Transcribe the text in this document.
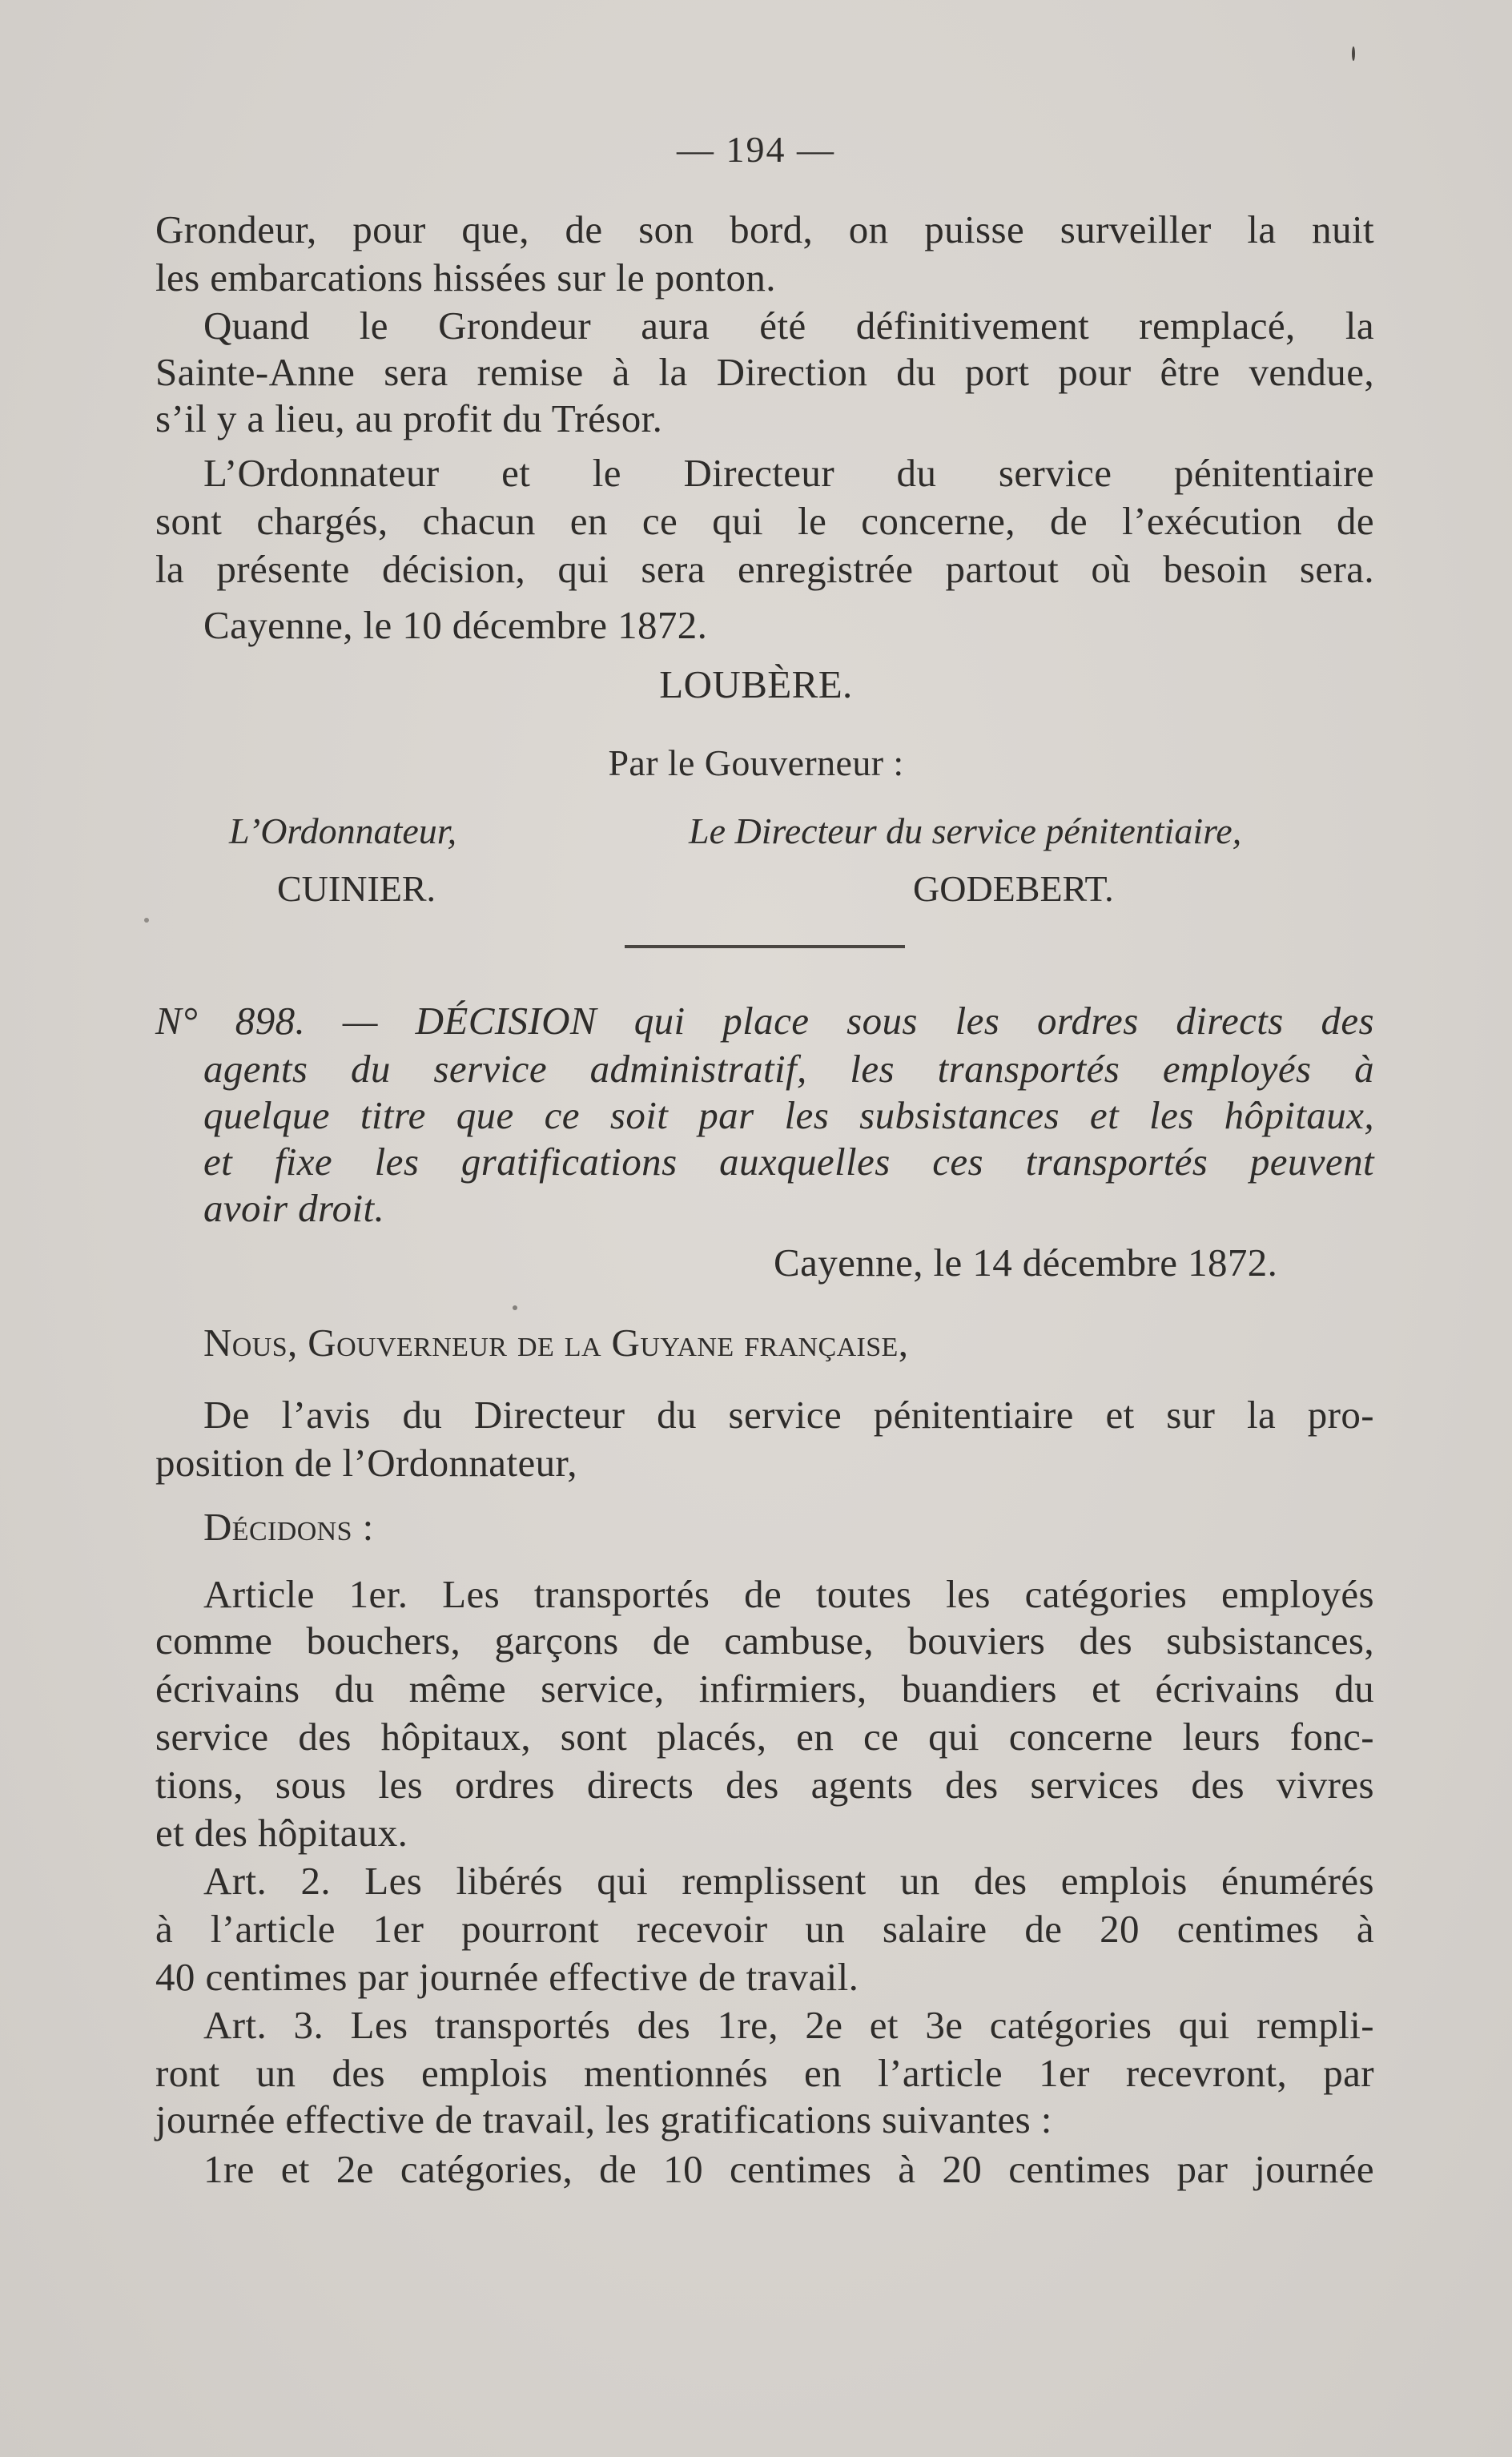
— 194 —
Grondeur, pour que, de son bord, on puisse surveiller la nuit
les embarcations hissées sur le ponton.
Quand le Grondeur aura été définitivement remplacé, la
Sainte-Anne sera remise à la Direction du port pour être vendue,
s’il y a lieu, au profit du Trésor.
L’Ordonnateur et le Directeur du service pénitentiaire
sont chargés, chacun en ce qui le concerne, de l’exécution de
la présente décision, qui sera enregistrée partout où besoin sera.
Cayenne, le 10 décembre 1872.
LOUBÈRE.
Par le Gouverneur :
L’Ordonnateur,	Le Directeur du service pénitentiaire,
CUINIER.	GODEBERT.
N° 898. — DÉCISION qui place sous les ordres directs des
agents du service administratif, les transportés employés à
quelque titre que ce soit par les subsistances et les hôpitaux,
et fixe les gratifications auxquelles ces transportés peuvent
avoir droit.
Cayenne, le 14 décembre 1872.
Nous, Gouverneur de la Guyane française,
De l’avis du Directeur du service pénitentiaire et sur la pro-
position de l’Ordonnateur,
Décidons :
Article 1er. Les transportés de toutes les catégories employés
comme bouchers, garçons de cambuse, bouviers des subsistances,
écrivains du même service, infirmiers, buandiers et écrivains du
service des hôpitaux, sont placés, en ce qui concerne leurs fonc-
tions, sous les ordres directs des agents des services des vivres
et des hôpitaux.
Art. 2. Les libérés qui remplissent un des emplois énumérés
à l’article 1er pourront recevoir un salaire de 20 centimes à
40 centimes par journée effective de travail.
Art. 3. Les transportés des 1re, 2e et 3e catégories qui rempli-
ront un des emplois mentionnés en l’article 1er recevront, par
journée effective de travail, les gratifications suivantes :
1re et 2e catégories, de 10 centimes à 20 centimes par journée
